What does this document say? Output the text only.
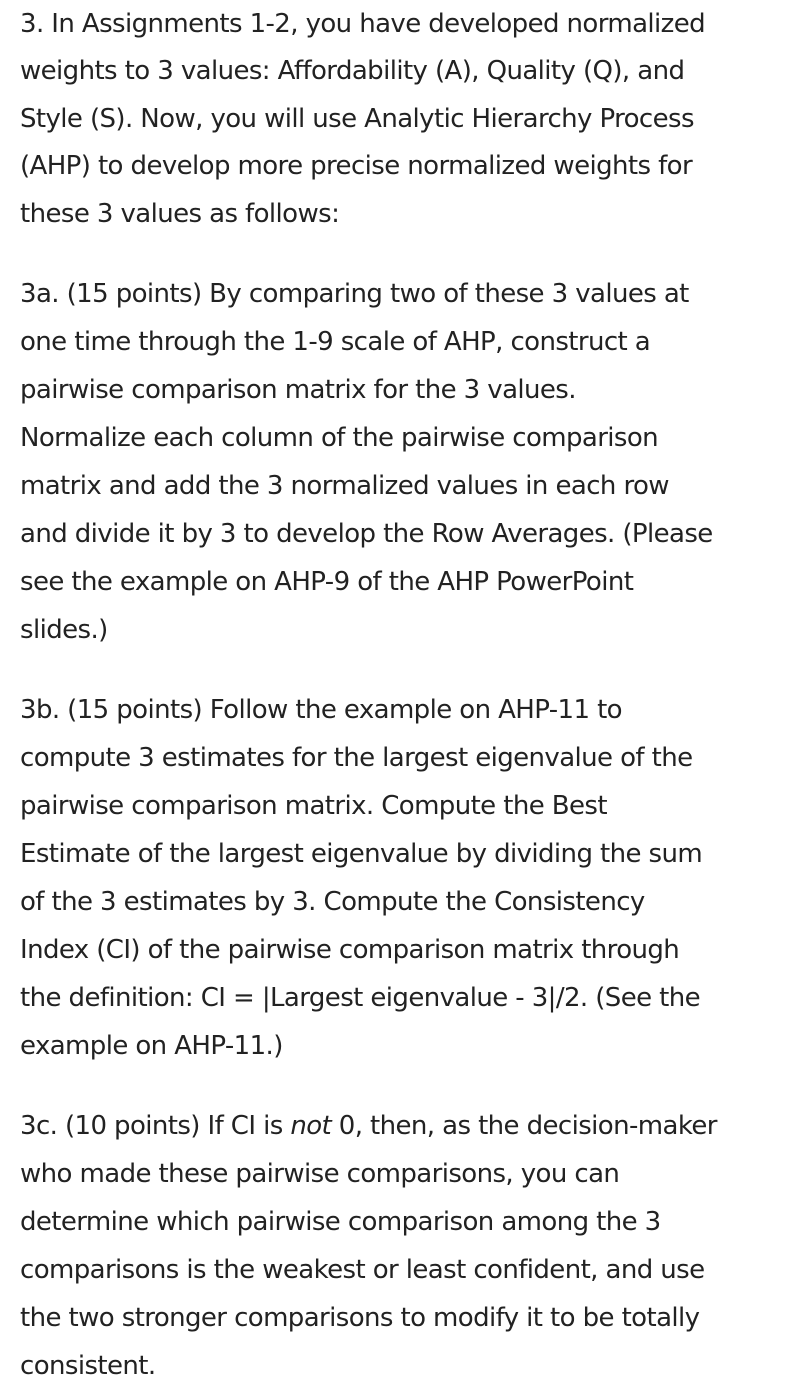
3. In Assignments 1-2, you have developed normalized
weights to 3 values: Affordability (A), Quality (Q), and
Style (S). Now, you will use Analytic Hierarchy Process
(AHP) to develop more precise normalized weights for
these 3 values as follows:
3a. (15 points) By comparing two of these 3 values at
one time through the 1-9 scale of AHP, construct a
pairwise comparison matrix for the 3 values.
Normalize each column of the pairwise comparison
matrix and add the 3 normalized values in each row
and divide it by 3 to develop the Row Averages. (Please
see the example on AHP-9 of the AHP PowerPoint
slides.)
3b. (15 points) Follow the example on AHP-11 to
compute 3 estimates for the largest eigenvalue of the
pairwise comparison matrix. Compute the Best
Estimate of the largest eigenvalue by dividing the sum
of the 3 estimates by 3. Compute the Consistency
Index (CI) of the pairwise comparison matrix through
the definition: CI = |Largest eigenvalue - 3|/2. (See the
example on AHP-11.)
3c. (10 points) If CI is not 0, then, as the decision-maker
who made these pairwise comparisons, you can
determine which pairwise comparison among the 3
comparisons is the weakest or least confident, and use
the two stronger comparisons to modify it to be totally
consistent.
